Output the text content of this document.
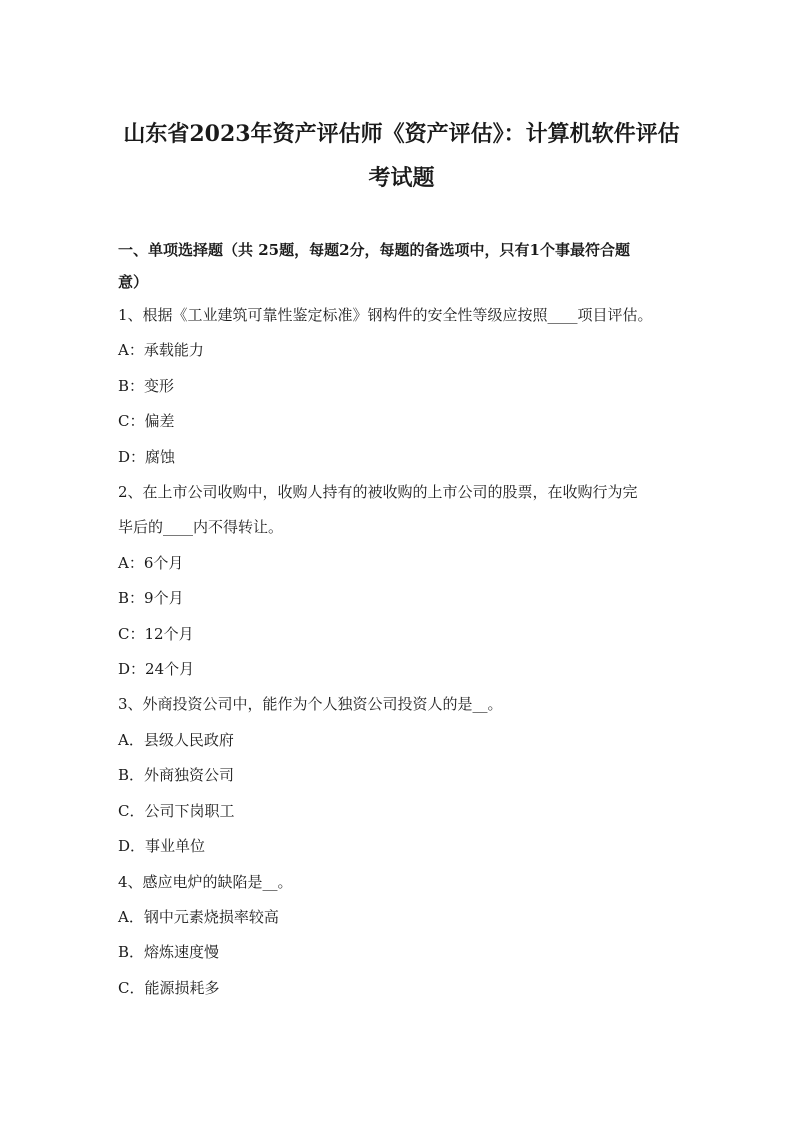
山东省2023年资产评估师《资产评估》：计算机软件评估
考试题
一、单项选择题（共 25题，每题2分，每题的备选项中，只有1个事最符合题
意）
1、根据《工业建筑可靠性鉴定标准》钢构件的安全性等级应按照____项目评估。
A：承载能力
B：变形
C：偏差
D：腐蚀
2、在上市公司收购中，收购人持有的被收购的上市公司的股票，在收购行为完
毕后的____内不得转让。
A：6个月
B：9个月
C：12个月
D：24个月
3、外商投资公司中，能作为个人独资公司投资人的是__。
A．县级人民政府
B．外商独资公司
C．公司下岗职工
D．事业单位
4、感应电炉的缺陷是__。
A．钢中元素烧损率较高
B．熔炼速度慢
C．能源损耗多
